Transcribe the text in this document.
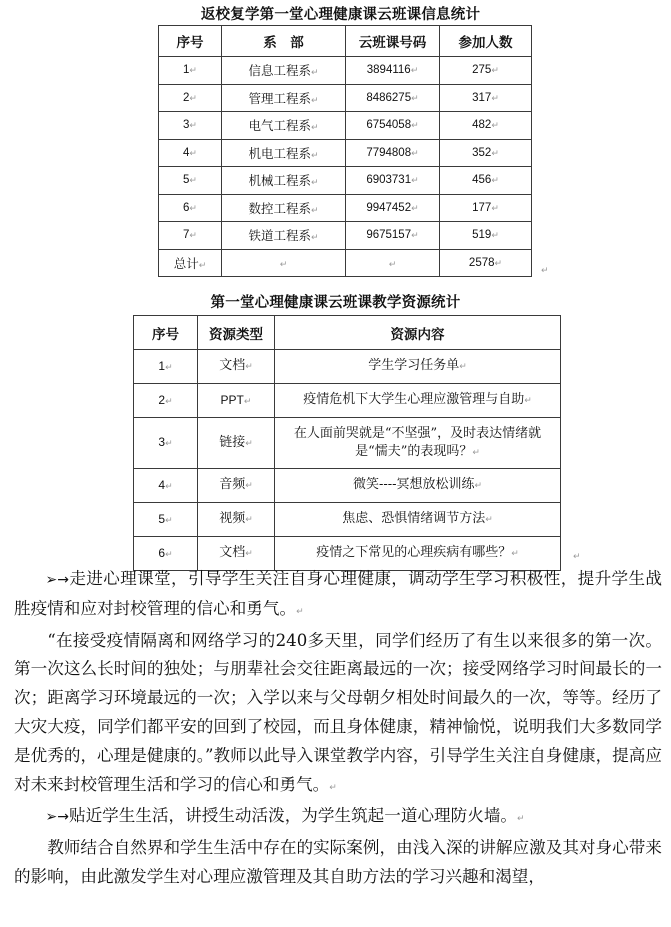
返校复学第一堂心理健康课云班课信息统计
序号	系　部	云班课号码	参加人数
1↵	信息工程系↵	3894116↵	275↵
2↵	管理工程系↵	8486275↵	317↵
3↵	电气工程系↵	6754058↵	482↵
4↵	机电工程系↵	7794808↵	352↵
5↵	机械工程系↵	6903731↵	456↵
6↵	数控工程系↵	9947452↵	177↵
7↵	铁道工程系↵	9675157↵	519↵
总计↵	↵	↵	2578↵
↵
第一堂心理健康课云班课教学资源统计
序号	资源类型	资源内容
1↵	文档↵	学生学习任务单↵
2↵	PPT↵	疫情危机下大学生心理应激管理与自助↵
3↵	链接↵	在人面前哭就是“不坚强”，及时表达情绪就是“懦夫”的表现吗？↵
4↵	音频↵	微笑----冥想放松训练↵
5↵	视频↵	焦虑、恐惧情绪调节方法↵
6↵	文档↵	疫情之下常见的心理疾病有哪些？↵	↵

➢→走进心理课堂，引导学生关注自身心理健康，调动学生学习积极性，提升学生战胜疫情和应对封校管理的信心和勇气。↵

“在接受疫情隔离和网络学习的240多天里，同学们经历了有生以来很多的第一次。第一次这么长时间的独处；与朋辈社会交往距离最远的一次；接受网络学习时间最长的一次；距离学习环境最远的一次；入学以来与父母朝夕相处时间最久的一次，等等。经历了大灾大疫，同学们都平安的回到了校园，而且身体健康，精神愉悦，说明我们大多数同学是优秀的，心理是健康的。”教师以此导入课堂教学内容，引导学生关注自身健康，提高应对未来封校管理生活和学习的信心和勇气。↵

➢→贴近学生生活，讲授生动活泼，为学生筑起一道心理防火墙。↵

教师结合自然界和学生生活中存在的实际案例，由浅入深的讲解应激及其对身心带来的影响，由此激发学生对心理应激管理及其自助方法的学习兴趣和渴望，
